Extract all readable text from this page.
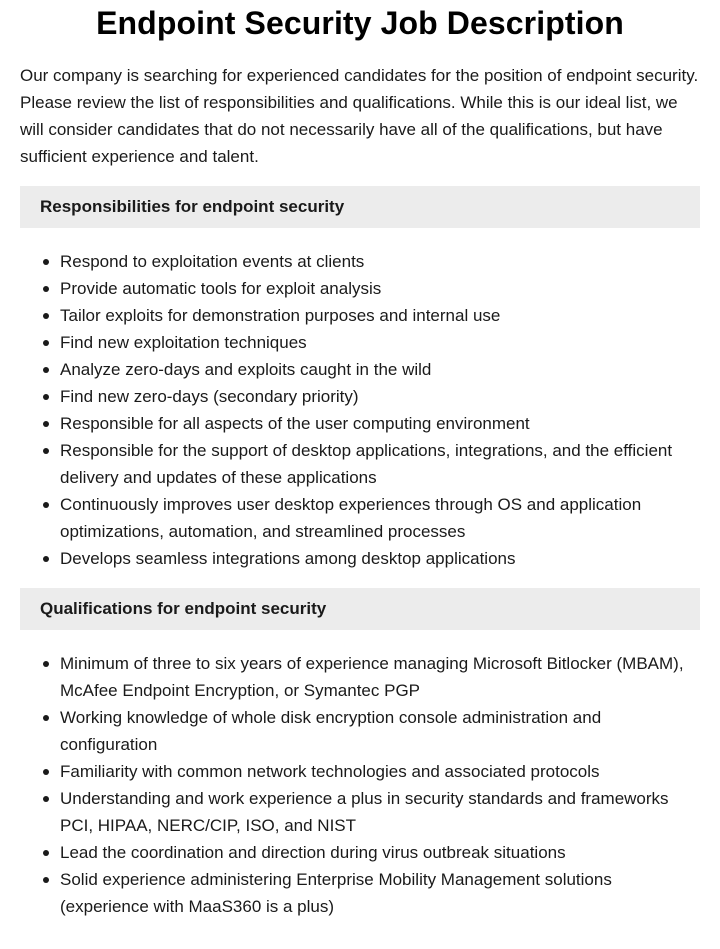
Endpoint Security Job Description

Our company is searching for experienced candidates for the position of endpoint security. Please review the list of responsibilities and qualifications. While this is our ideal list, we will consider candidates that do not necessarily have all of the qualifications, but have sufficient experience and talent.

Responsibilities for endpoint security
Respond to exploitation events at clients
Provide automatic tools for exploit analysis
Tailor exploits for demonstration purposes and internal use
Find new exploitation techniques
Analyze zero-days and exploits caught in the wild
Find new zero-days (secondary priority)
Responsible for all aspects of the user computing environment
Responsible for the support of desktop applications, integrations, and the efficient delivery and updates of these applications
Continuously improves user desktop experiences through OS and application optimizations, automation, and streamlined processes
Develops seamless integrations among desktop applications
Qualifications for endpoint security
Minimum of three to six years of experience managing Microsoft Bitlocker (MBAM), McAfee Endpoint Encryption, or Symantec PGP
Working knowledge of whole disk encryption console administration and configuration
Familiarity with common network technologies and associated protocols
Understanding and work experience a plus in security standards and frameworks PCI, HIPAA, NERC/CIP, ISO, and NIST
Lead the coordination and direction during virus outbreak situations
Solid experience administering Enterprise Mobility Management solutions (experience with MaaS360 is a plus)
